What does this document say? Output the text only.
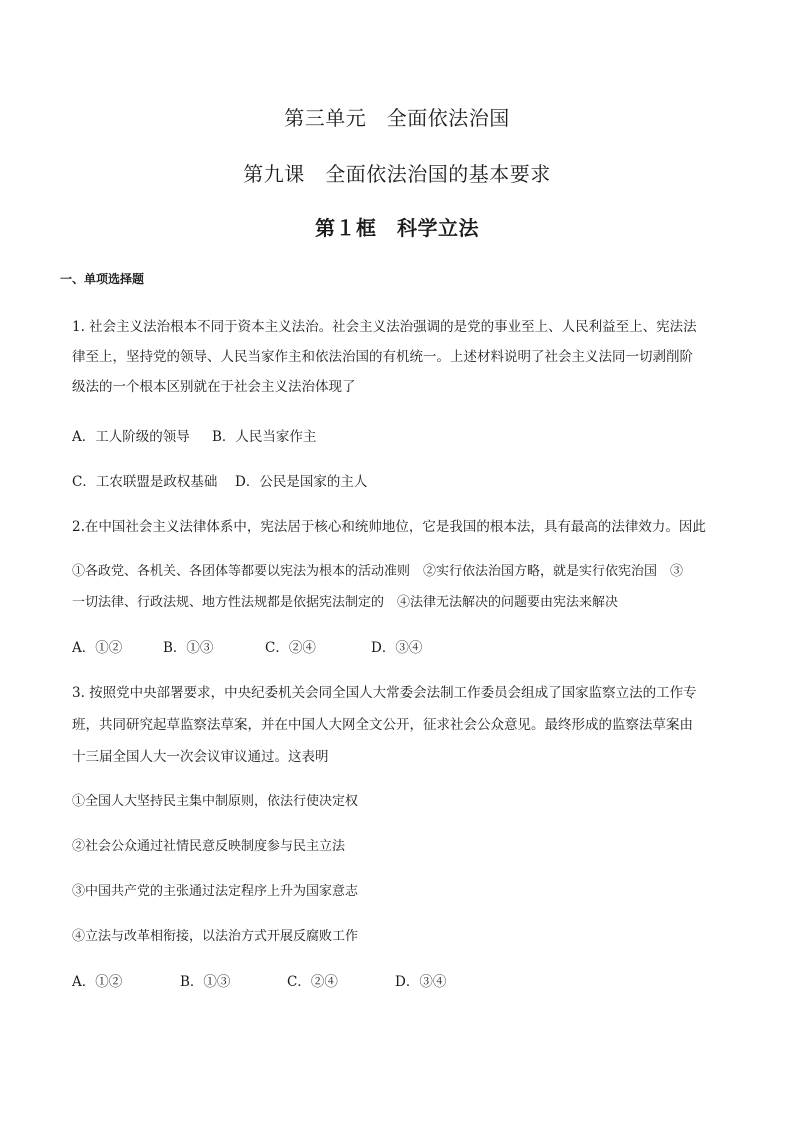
第三单元　全面依法治国
第九课　全面依法治国的基本要求
第１框　科学立法
一、单项选择题
1. 社会主义法治根本不同于资本主义法治。社会主义法治强调的是党的事业至上、人民利益至上、宪法法
律至上，坚持党的领导、人民当家作主和依法治国的有机统一。上述材料说明了社会主义法同一切剥削阶
级法的一个根本区别就在于社会主义法治体现了
A．工人阶级的领导 B．人民当家作主
C．工农联盟是政权基础 D．公民是国家的主人
2.在中国社会主义法律体系中，宪法居于核心和统帅地位，它是我国的根本法，具有最高的法律效力。因此
①各政党、各机关、各团体等都要以宪法为根本的活动准则　②实行依法治国方略，就是实行依宪治国　③
一切法律、行政法规、地方性法规都是依据宪法制定的　④法律无法解决的问题要由宪法来解决
A．①②	B．①③	C．②④	D．③④
3. 按照党中央部署要求，中央纪委机关会同全国人大常委会法制工作委员会组成了国家监察立法的工作专
班，共同研究起草监察法草案，并在中国人大网全文公开，征求社会公众意见。最终形成的监察法草案由
十三届全国人大一次会议审议通过。这表明
①全国人大坚持民主集中制原则，依法行使决定权
②社会公众通过社情民意反映制度参与民主立法
③中国共产党的主张通过法定程序上升为国家意志
④立法与改革相衔接，以法治方式开展反腐败工作
A．①②	B．①③	C．②④	D．③④
